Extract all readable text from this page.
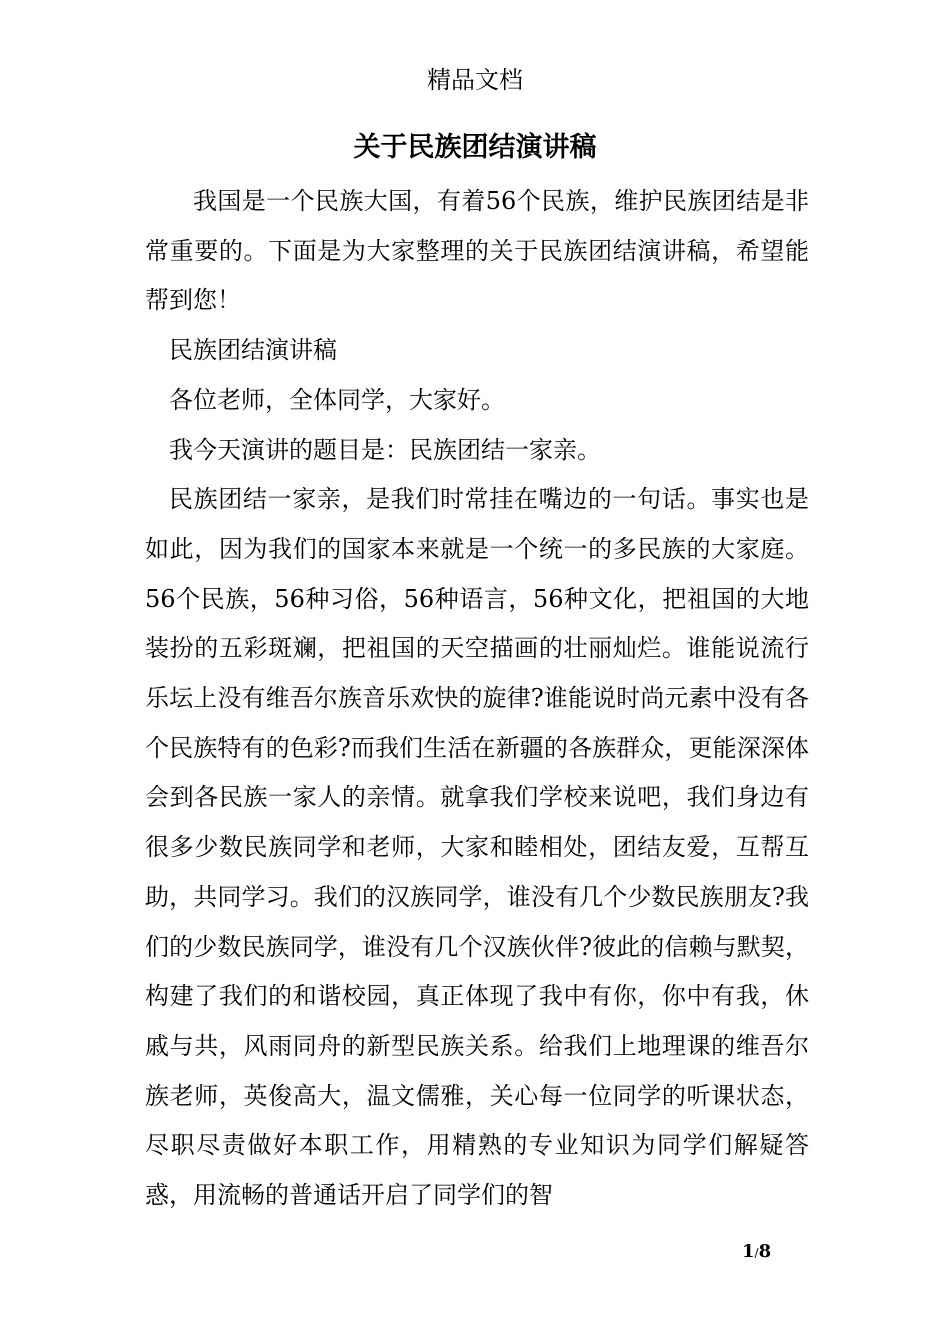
精品文档
关于民族团结演讲稿

我国是一个民族大国，有着56个民族，维护民族团结是非常重要的。下面是为大家整理的关于民族团结演讲稿，希望能帮到您！

民族团结演讲稿

各位老师，全体同学，大家好。

我今天演讲的题目是：民族团结一家亲。

民族团结一家亲，是我们时常挂在嘴边的一句话。事实也是如此，因为我们的国家本来就是一个统一的多民族的大家庭。56个民族，56种习俗，56种语言，56种文化，把祖国的大地装扮的五彩斑斓，把祖国的天空描画的壮丽灿烂。谁能说流行乐坛上没有维吾尔族音乐欢快的旋律?谁能说时尚元素中没有各个民族特有的色彩?而我们生活在新疆的各族群众，更能深深体会到各民族一家人的亲情。就拿我们学校来说吧，我们身边有很多少数民族同学和老师，大家和睦相处，团结友爱，互帮互助，共同学习。我们的汉族同学，谁没有几个少数民族朋友?我们的少数民族同学，谁没有几个汉族伙伴?彼此的信赖与默契，构建了我们的和谐校园，真正体现了我中有你，你中有我，休戚与共，风雨同舟的新型民族关系。给我们上地理课的维吾尔族老师，英俊高大，温文儒雅，关心每一位同学的听课状态，尽职尽责做好本职工作，用精熟的专业知识为同学们解疑答惑，用流畅的普通话开启了同学们的智

1/8
